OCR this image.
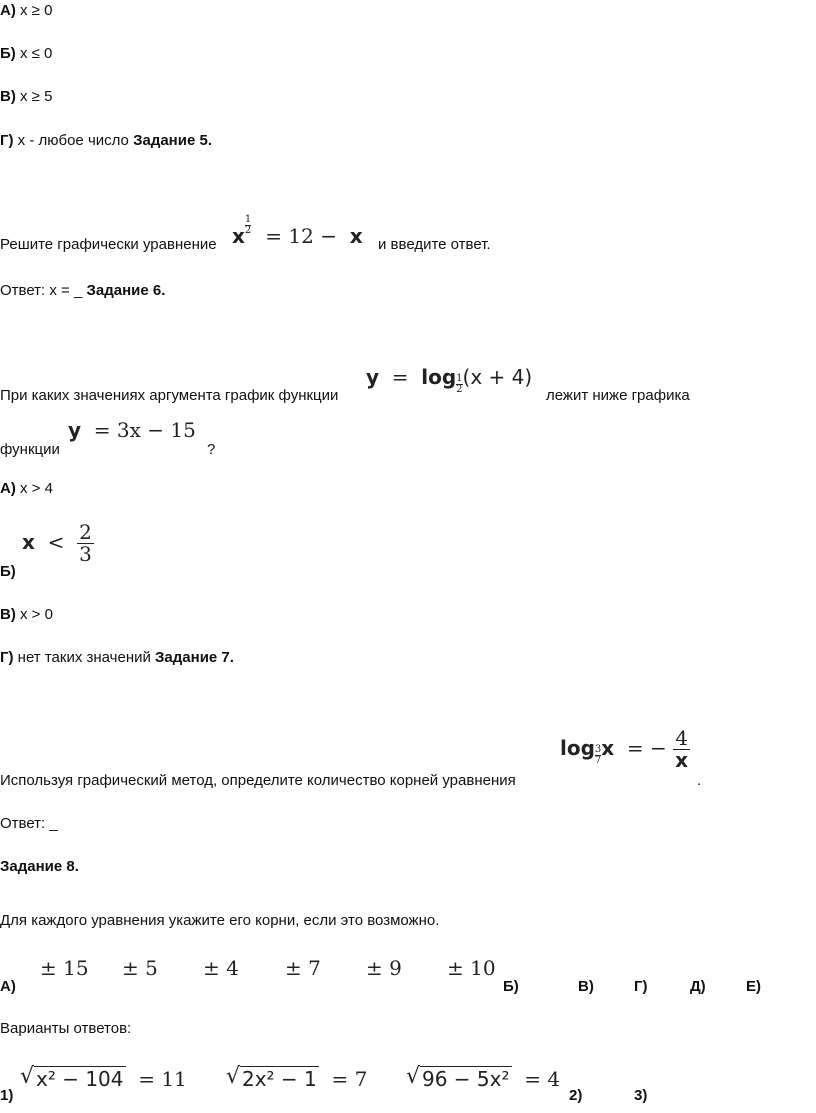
А) x ≥ 0
Б) x ≤ 0
В) x ≥ 5
Г) x - любое число Задание 5.
Решите графически уравнение x $\frac{1}{2} = 12 - x$ и введите ответ.
Ответ: x = _ Задание 6.
При каких значениях аргумента график функции
$y = \log \frac{1}{2} (x + 4)$
лежит ниже графика
функции
y = 3x − 15
?
А) x > 4
$x < \frac{2}{3}$
Б)
В) x > 0
Г) нет таких значений Задание 7.
Используя графический метод, определите количество корней уравнения
$\log \frac{3}{7}$ x = − $\frac{4}{x}$
.
Ответ: _
Задание 8.
Для каждого уравнения укажите его корни, если это возможно.
А)
± 15 ± 5 ± 4 ± 7 ± 9 ± 10
Б)	В)	Г)	Д)	Е)
Варианты ответов:
1)
√ x² − 104 = 11 √ 2x² − 1 = 7 √ 96 − 5x² = 4
2)	3)
